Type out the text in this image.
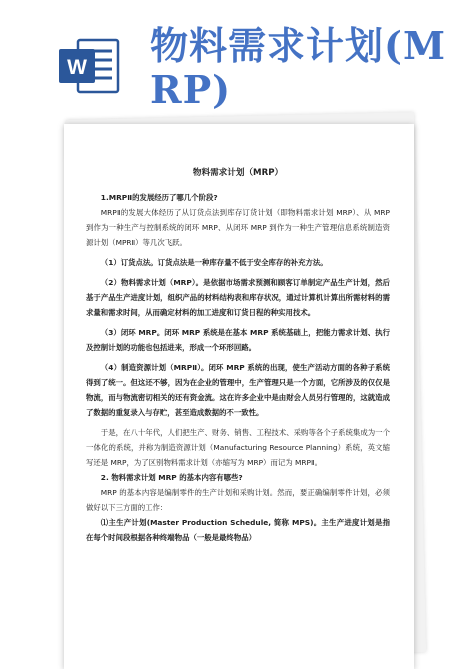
W 物料需求计划(M
RP)

物料需求计划（MRP）

1.MRPⅡ的发展经历了哪几个阶段?

MRPⅡ的发展大体经历了从订货点法到库存订货计划（即物料需求计划 MRP）、从 MRP 到作为一种生产与控制系统的闭环 MRP、从闭环 MRP 到作为一种生产管理信息系统制造资源计划（MPRⅡ）等几次飞跃。

（1）订货点法。订货点法是一种库存量不低于安全库存的补充方法。

（2）物料需求计划（MRP）。是依据市场需求预测和顾客订单制定产品生产计划，然后基于产品生产进度计划，组织产品的材料结构表和库存状况，通过计算机计算出所需材料的需求量和需求时间，从而确定材料的加工进度和订货日程的种实用技术。

（3）闭环 MRP。闭环 MRP 系统是在基本 MRP 系统基础上，把能力需求计划、执行及控制计划的功能也包括进来，形成一个环形回路。

（4）制造资源计划（MRPⅡ）。闭环 MRP 系统的出现，使生产活动方面的各种子系统得到了统一。但这还不够，因为在企业的管理中，生产管理只是一个方面，它所涉及的仅仅是物流，而与物流密切相关的还有资金流。这在许多企业中是由财会人员另行管理的，这就造成了数据的重复录入与存贮，甚至造成数据的不一致性。

于是，在八十年代，人们把生产、财务、销售、工程技术、采购等各个子系统集成为一个一体化的系统，并称为制造资源计划（Manufacturing Resource Planning）系统，英文缩写还是 MRP，为了区别物料需求计划（亦缩写为 MRP）而记为 MRPⅡ。

2. 物料需求计划 MRP 的基本内容有哪些?

MRP 的基本内容是编制零件的生产计划和采购计划。然而，要正确编制零件计划，必须做好以下三方面的工作：

⑴主生产计划(Master Production Schedule, 简称 MPS)。主生产进度计划是指在每个时间段根据各种终端物品（一般是最终物品）
